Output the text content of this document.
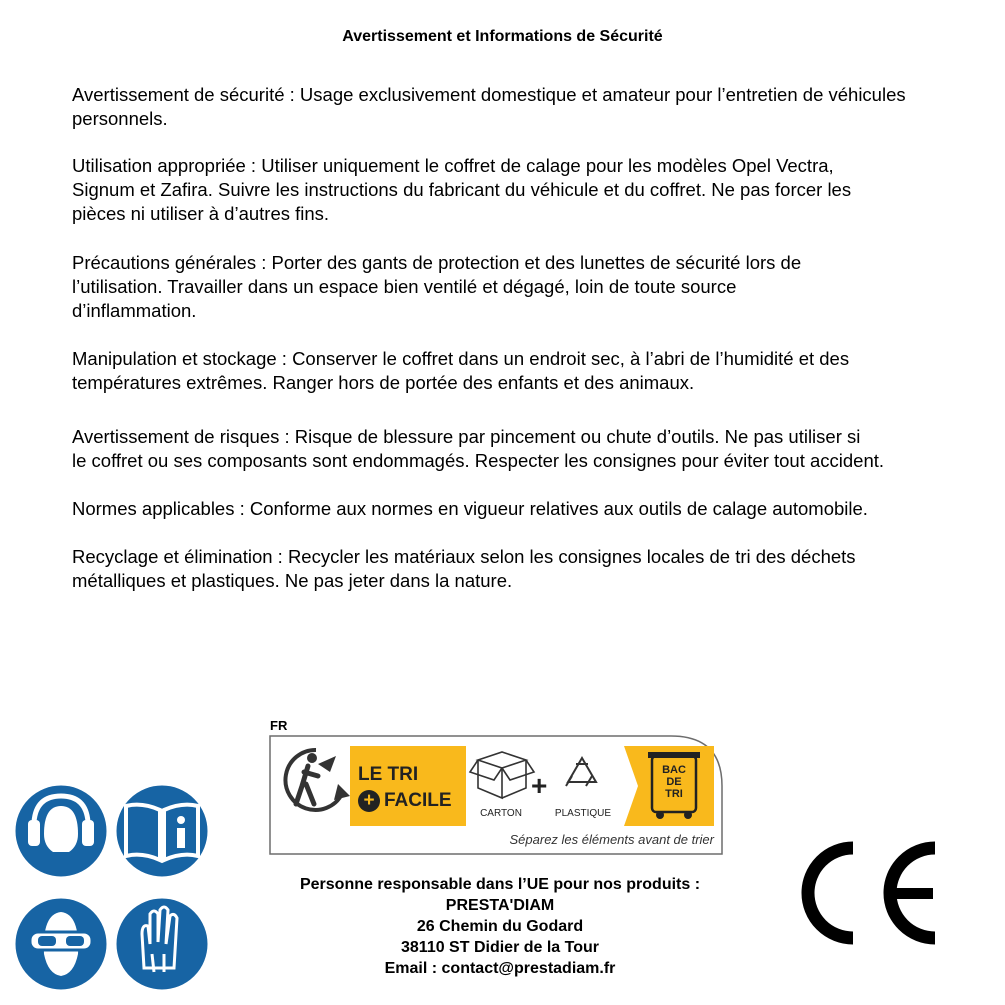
Avertissement et Informations de Sécurité

Avertissement de sécurité : Usage exclusivement domestique et amateur pour l’entretien de véhicules
personnels.

Utilisation appropriée : Utiliser uniquement le coffret de calage pour les modèles Opel Vectra,
Signum et Zafira. Suivre les instructions du fabricant du véhicule et du coffret. Ne pas forcer les
pièces ni utiliser à d’autres fins.

Précautions générales : Porter des gants de protection et des lunettes de sécurité lors de
l’utilisation. Travailler dans un espace bien ventilé et dégagé, loin de toute source
d’inflammation.

Manipulation et stockage : Conserver le coffret dans un endroit sec, à l’abri de l’humidité et des
températures extrêmes. Ranger hors de portée des enfants et des animaux.

Avertissement de risques : Risque de blessure par pincement ou chute d’outils. Ne pas utiliser si
le coffret ou ses composants sont endommagés. Respecter les consignes pour éviter tout accident.

Normes applicables : Conforme aux normes en vigueur relatives aux outils de calage automobile.

Recyclage et élimination : Recycler les matériaux selon les consignes locales de tri des déchets
métalliques et plastiques. Ne pas jeter dans la nature.

FR
LE TRI
+ FACILE	+
CARTON	PLASTIQUE
BAC
DE
TRI
Séparez les éléments avant de trier
Personne responsable dans l’UE pour nos produits :
PRESTA'DIAM
26 Chemin du Godard
38110 ST Didier de la Tour
Email : contact@prestadiam.fr
